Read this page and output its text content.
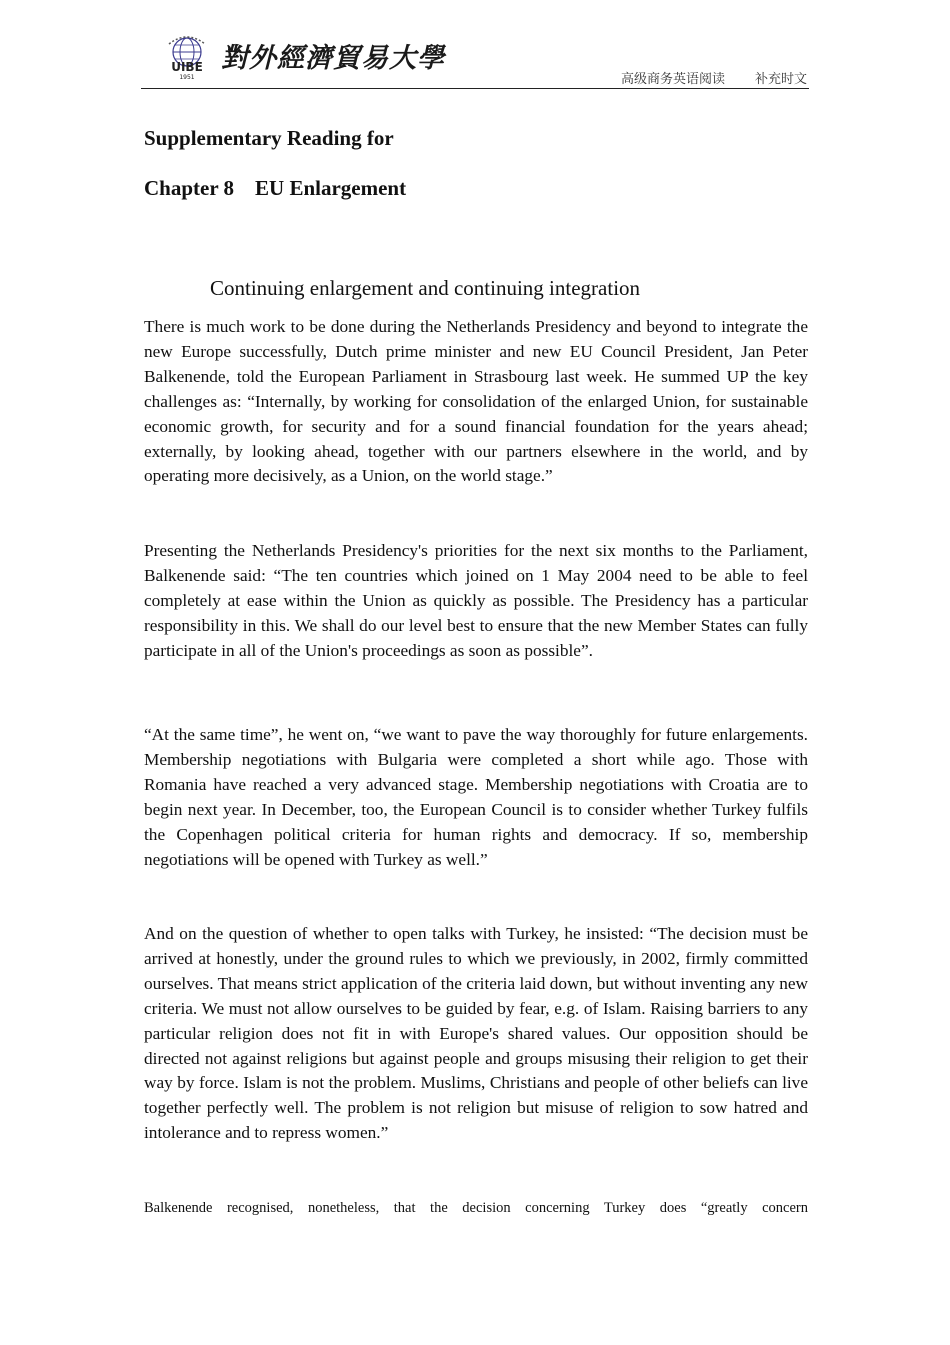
UIBE
1951
對外經濟貿易大學
高级商务英语阅读 补充时文
Supplementary Reading for
Chapter 8    EU Enlargement
Continuing enlargement and continuing integration

There is much work to be done during the Netherlands Presidency and beyond to integrate the new Europe successfully, Dutch prime minister and new EU Council President, Jan Peter Balkenende, told the European Parliament in Strasbourg last week. He summed UP the key challenges as: “Internally, by working for consolidation of the enlarged Union, for sustainable economic growth, for security and for a sound financial foundation for the years ahead; externally, by looking ahead, together with our partners elsewhere in the world, and by operating more decisively, as a Union, on the world stage.”

Presenting the Netherlands Presidency's priorities for the next six months to the Parliament, Balkenende said: “The ten countries which joined on 1 May 2004 need to be able to feel completely at ease within the Union as quickly as possible. The Presidency has a particular responsibility in this. We shall do our level best to ensure that the new Member States can fully participate in all of the Union's proceedings as soon as possible”.

“At the same time”, he went on, “we want to pave the way thoroughly for future enlargements. Membership negotiations with Bulgaria were completed a short while ago. Those with Romania have reached a very advanced stage. Membership negotiations with Croatia are to begin next year. In December, too, the European Council is to consider whether Turkey fulfils the Copenhagen political criteria for human rights and democracy. If so, membership negotiations will be opened with Turkey as well.”

And on the question of whether to open talks with Turkey, he insisted: “The decision must be arrived at honestly, under the ground rules to which we previously, in 2002, firmly committed ourselves. That means strict application of the criteria laid down, but without inventing any new criteria. We must not allow ourselves to be guided by fear, e.g. of Islam. Raising barriers to any particular religion does not fit in with Europe's shared values. Our opposition should be directed not against religions but against people and groups misusing their religion to get their way by force. Islam is not the problem. Muslims, Christians and people of other beliefs can live together perfectly well. The problem is not religion but misuse of religion to sow hatred and intolerance and to repress women.”

Balkenende recognised, nonetheless, that the decision concerning Turkey does “greatly concern
